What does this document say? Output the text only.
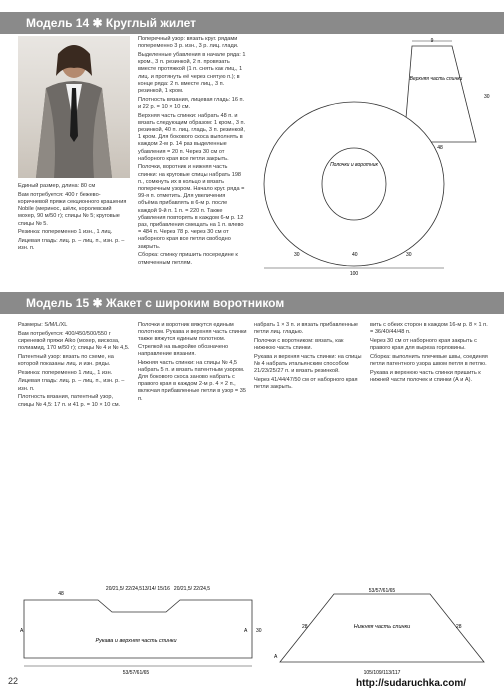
Модель 14 ✱ Круглый жилет

Единый размер, длина: 80 см

Вам потребуется: 400 г бежево-коричневой пряжи секционного крашения Nobile (меринос, шёлк, королевский мохер, 90 м/50 г); спицы № 5; круговые спицы № 5.

Резинка: попеременно 1 изн., 1 лиц.

Лицевая гладь: лиц. р. – лиц. п., изн. р. – изн. п.

Поперечный узор: вязать круг. рядами попеременно 3 р. изн., 3 р. лиц. глади.

Выделенные убавления в начале ряда: 1 кром., 3 п. резинкой, 2 п. провязать вместе протяжкой (1 п. снять как лиц., 1 лиц. и протянуть её через снятую п.); в конце ряда: 2 п. вместе лиц., 3 п. резинкой, 1 кром.

Плотность вязания, лицевая гладь: 16 п. и 22 р. = 10 × 10 см.

Верхняя часть спинки: набрать 48 п. и вязать следующим образом: 1 кром., 3 п. резинкой, 40 п. лиц. гладь, 3 п. резинкой, 1 кром. Для бокового скоса выполнять в каждом 2-м р. 14 раз выделенные убавления = 20 п. Через 30 см от наборного края все петли закрыть.

Полочки, воротник и нижняя часть спинки: на круговые спицы набрать 198 п., сомкнуть их в кольцо и вязать поперечным узором. Начало круг. ряда = 99-я п. отметить. Для увеличения объёма прибавлять в 6-м р. после каждой 9-й п. 1 п. = 220 п. Также убавления повторять в каждом 6-м р. 12 раз, прибавления смещать на 1 п. влево = 484 п. Через 78 р. через 30 см от наборного края все петли свободно закрыть.

Сборка: спинку пришить посередине к отмеченным петлям.

9
Верхняя часть спинки
30
48
Полочки и воротник
100
30	40	30
Модель 15 ✱ Жакет с широким воротником

Размеры: S/M/L/XL

Вам потребуется: 400/450/500/550 г сиреневой пряжи Aiko (мохер, вискоза, полиамид, 170 м/50 г); спицы № 4 и № 4,5.

Патентный узор: вязать по схеме, на которой показаны лиц. и изн. ряды.

Резинка: попеременно 1 лиц., 1 изн.

Лицевая гладь: лиц. р. – лиц. п., изн. р. – изн. п.

Плотность вязания, патентный узор, спицы № 4,5: 17 п. и 41 р. = 10 × 10 см.

Полочки и воротник вяжутся единым полотном. Рукава и верхняя часть спинки также вяжутся единым полотном. Стрелкой на выкройке обозначено направление вязания.

Нижняя часть спинки: на спицы № 4,5 набрать 5 п. и вязать патентным узором. Для бокового скоса заново набрать с правого края в каждом 2-м р. 4 × 2 п., включая прибавленные петли в узор = 35 п.

набрать 1 × 3 п. и вязать прибавленные петли лиц. гладью.

Полочки с воротником: вязать, как нижнюю часть спинки.

Рукава и верхняя часть спинки: на спицы № 4 набрать итальянским способом 21/23/25/27 п. и вязать резинкой.

Через 41/44/47/50 см от наборного края петли закрыть.

вить с обеих сторон в каждом 16-м р. 8 × 1 п. = 36/40/44/48 п.

Через 30 см от наборного края закрыть с правого края для выреза горловины.

Сборка: выполнить плечевые швы, соединяя петли патентного узора швом петля в петлю.

Рукава и верхнюю часть спинки пришить к нижней части полочек и спинки (А и А).

48
20/21,5/ 22/24,5 13/14/ 15/16 20/21,5/ 22/24,5
Рукава и верхняя часть спинки
A	A 30
53/57/61/65
53/57/61/65
Нижняя часть спинки
28	28
A
105/109/113/117
22	http://sudaruchka.com/
